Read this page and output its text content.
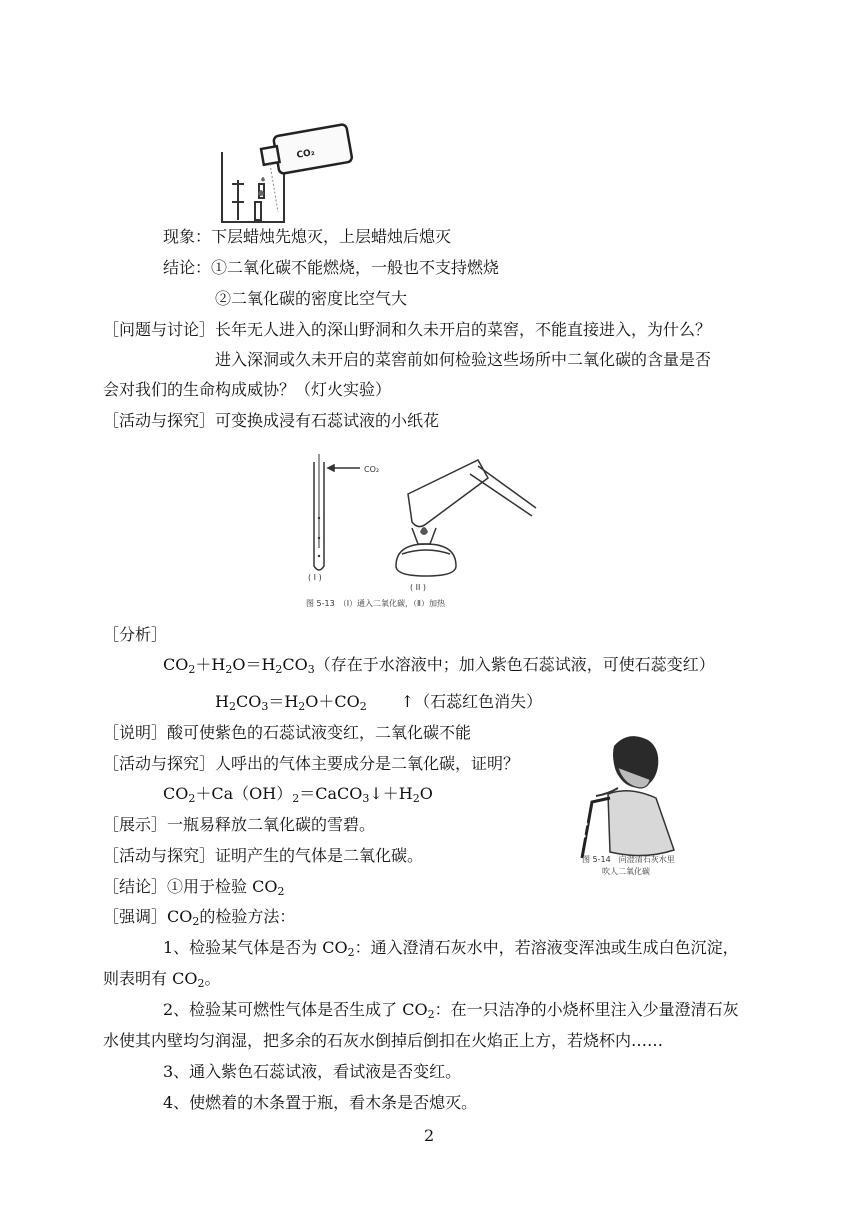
CO₂
现象：下层蜡烛先熄灭，上层蜡烛后熄灭
结论：①二氧化碳不能燃烧，一般也不支持燃烧
②二氧化碳的密度比空气大
［问题与讨论］长年无人进入的深山野洞和久未开启的菜窖，不能直接进入，为什么？
进入深洞或久未开启的菜窖前如何检验这些场所中二氧化碳的含量是否
会对我们的生命构成威协？（灯火实验）
［活动与探究］可变换成浸有石蕊试液的小纸花
CO₂
( I )
( II )
图 5-13　（Ⅰ）通入二氧化碳，（Ⅱ）加热
［分析］
$CO_2+H_2O=H_2CO_3$（存在于水溶液中；加入紫色石蕊试液，可使石蕊变红）
$H_2CO_3=H_2O+CO_2$ ↑（石蕊红色消失）
［说明］酸可使紫色的石蕊试液变红，二氧化碳不能
［活动与探究］人呼出的气体主要成分是二氧化碳，证明？
$CO_2+Ca(OH)_2=CaCO_3↓+H_2O$
［展示］一瓶易释放二氧化碳的雪碧。
［活动与探究］证明产生的气体是二氧化碳。
［结论］①用于检验 $CO_2$
［强调$]CO_2$的检验方法：
图 5-14　向澄清石灰水里
吹人二氧化碳
1、检验某气体是否为 $CO_2$：通入澄清石灰水中，若溶液变浑浊或生成白色沉淀，
则表明有 $CO_2$。
2、检验某可燃性气体是否生成了 $CO_2$：在一只洁净的小烧杯里注入少量澄清石灰
水使其内壁均匀润湿，把多余的石灰水倒掉后倒扣在火焰正上方，若烧杯内……
3、通入紫色石蕊试液，看试液是否变红。
4、使燃着的木条置于瓶，看木条是否熄灭。
2
